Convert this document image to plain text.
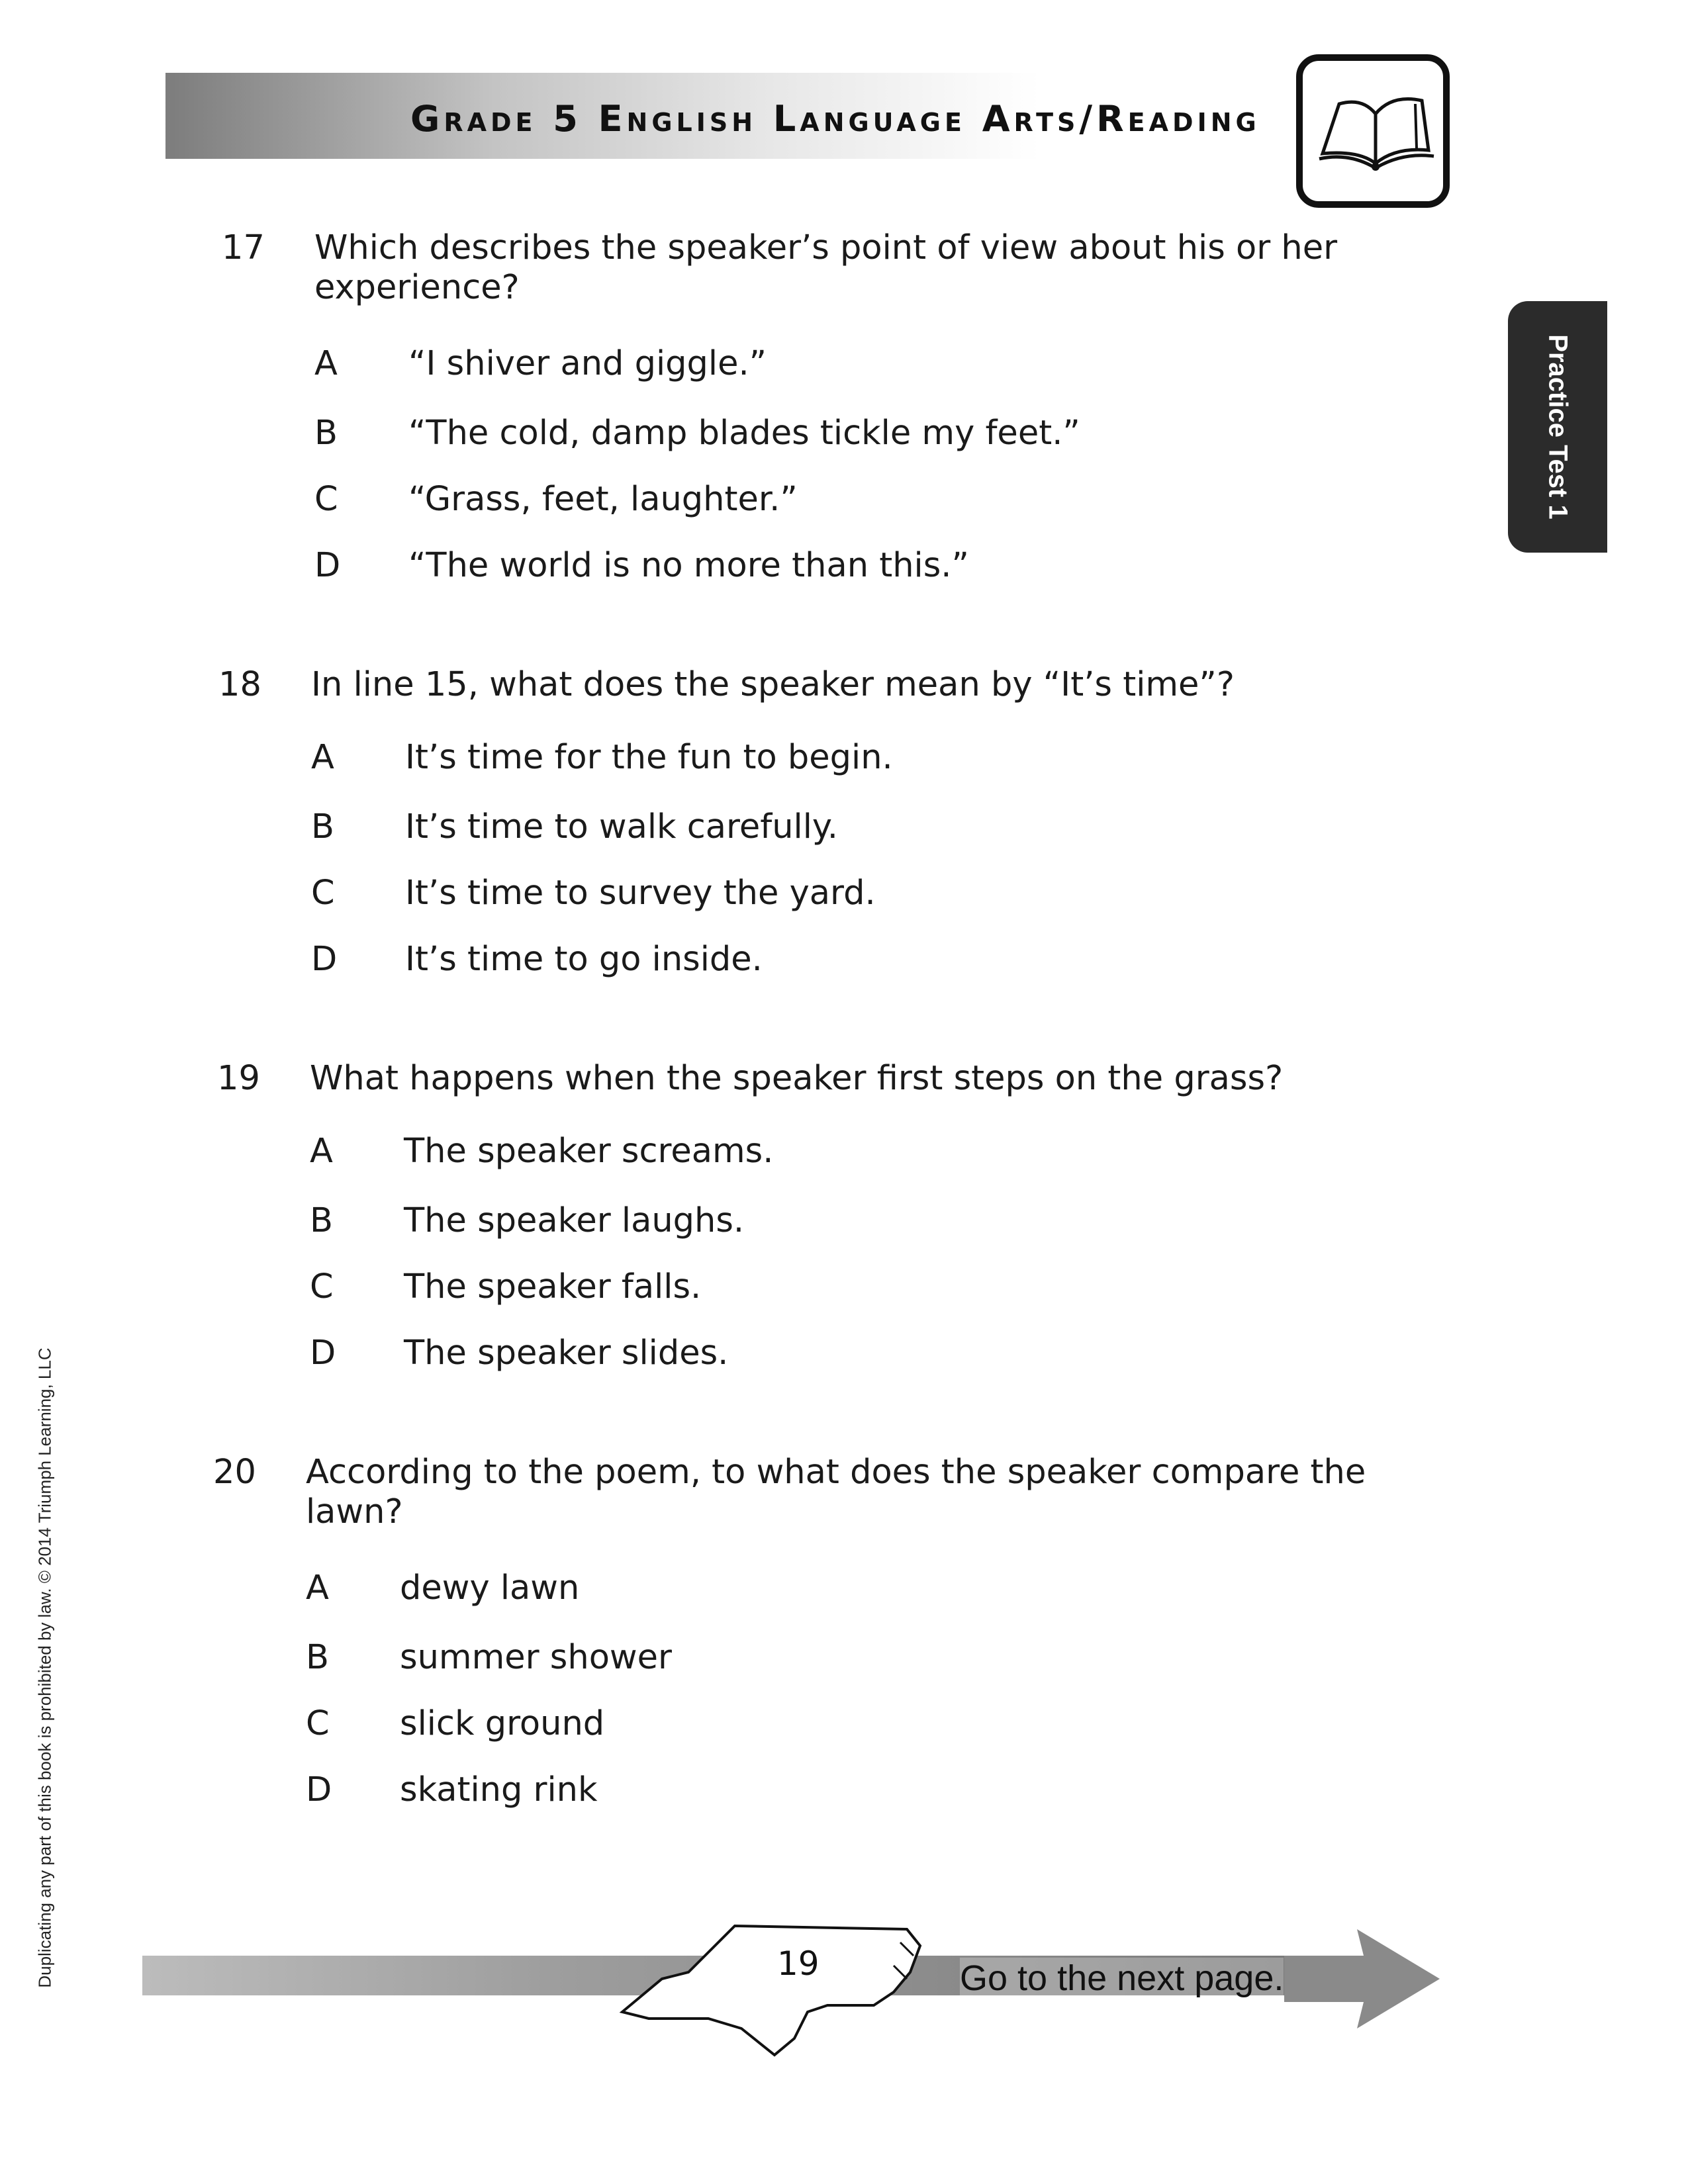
Grade 5 English Language Arts/Reading
Practice Test 1
Duplicating any part of this book is prohibited by law. © 2014 Triumph Learning, LLC
17	Which describes the speaker’s point of view about his or her experience?
A	“I shiver and giggle.”
B	“The cold, damp blades tickle my feet.”
C	“Grass, feet, laughter.”
D	“The world is no more than this.”
18	In line 15, what does the speaker mean by “It’s time”?
A	It’s time for the fun to begin.
B	It’s time to walk carefully.
C	It’s time to survey the yard.
D	It’s time to go inside.
19	What happens when the speaker first steps on the grass?
A	The speaker screams.
B	The speaker laughs.
C	The speaker falls.
D	The speaker slides.
20	According to the poem, to what does the speaker compare the lawn?
A	dewy lawn
B	summer shower
C	slick ground
D	skating rink
19	Go to the next page.
